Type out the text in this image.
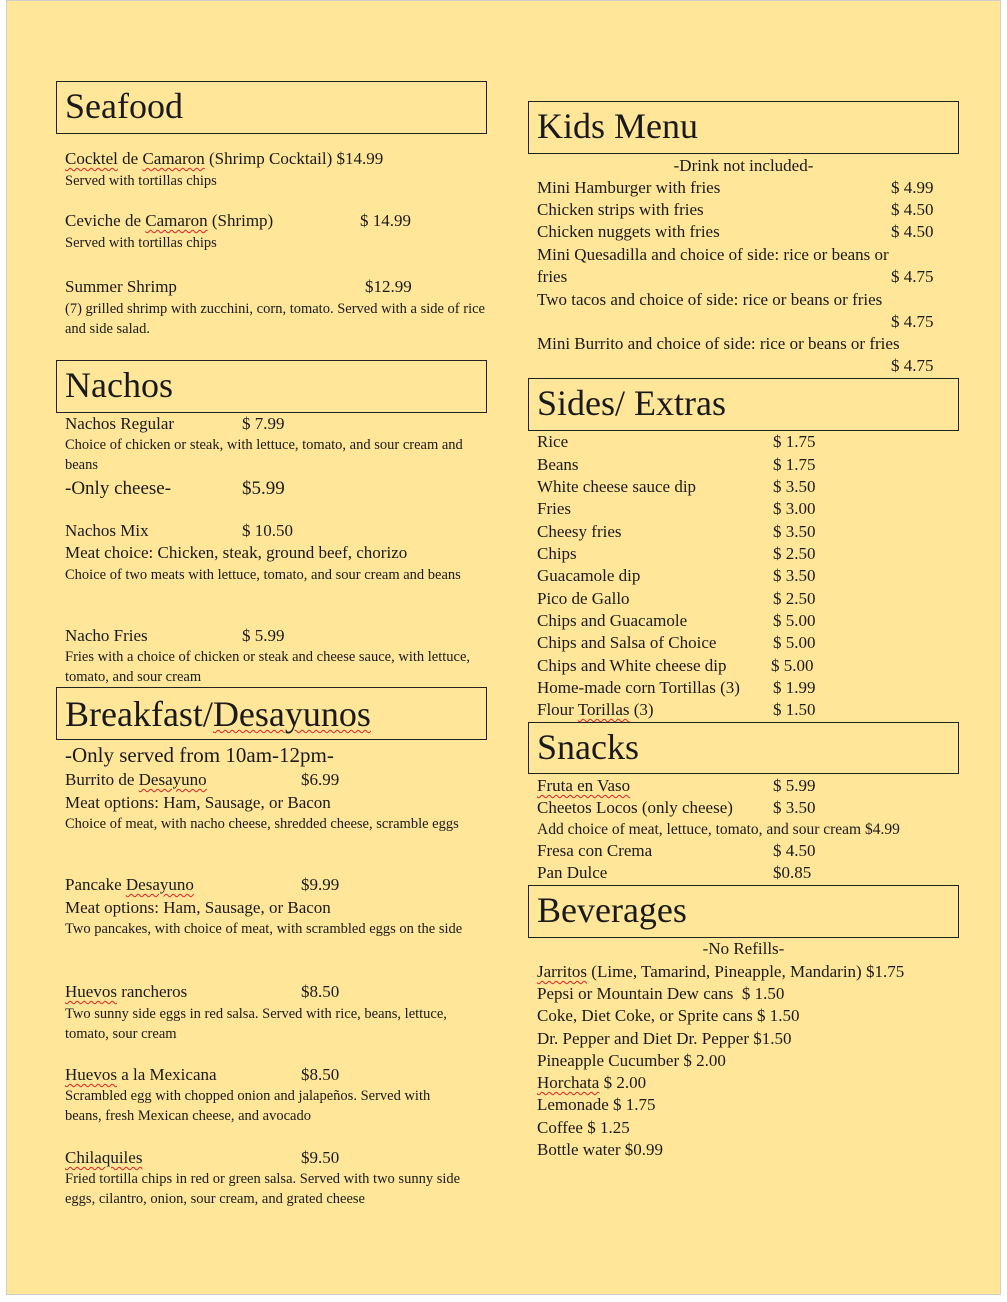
Seafood
Cocktel de Camaron (Shrimp Cocktail) $14.99
Served with tortillas chips
Ceviche de Camaron (Shrimp)	$ 14.99
Served with tortillas chips
Summer Shrimp	$12.99
(7) grilled shrimp with zucchini, corn, tomato. Served with a side of rice and side salad.
Nachos
Nachos Regular	$ 7.99
Choice of chicken or steak, with lettuce, tomato, and sour cream and beans
-Only cheese-	$5.99
Nachos Mix	$ 10.50
Meat choice: Chicken, steak, ground beef, chorizo
Choice of two meats with lettuce, tomato, and sour cream and beans
Nacho Fries	$ 5.99
Fries with a choice of chicken or steak and cheese sauce, with lettuce, tomato, and sour cream
Breakfast/Desayunos
-Only served from 10am-12pm-
Burrito de Desayuno	$6.99
Meat options: Ham, Sausage, or Bacon
Choice of meat, with nacho cheese, shredded cheese, scramble eggs
Pancake Desayuno	$9.99
Meat options: Ham, Sausage, or Bacon
Two pancakes, with choice of meat, with scrambled eggs on the side
Huevos rancheros	$8.50
Two sunny side eggs in red salsa. Served with rice, beans, lettuce, tomato, sour cream
Huevos a la Mexicana	$8.50
Scrambled egg with chopped onion and jalapeños. Served with beans, fresh Mexican cheese, and avocado
Chilaquiles	$9.50
Fried tortilla chips in red or green salsa. Served with two sunny side eggs, cilantro, onion, sour cream, and grated cheese
Kids Menu
-Drink not included-
Mini Hamburger with fries	$ 4.99
Chicken strips with fries	$ 4.50
Chicken nuggets with fries	$ 4.50
Mini Quesadilla and choice of side: rice or beans or
fries	$ 4.75
Two tacos and choice of side: rice or beans or fries
$ 4.75
Mini Burrito and choice of side: rice or beans or fries
$ 4.75
Sides/ Extras
Rice	$ 1.75
Beans	$ 1.75
White cheese sauce dip	$ 3.50
Fries	$ 3.00
Cheesy fries	$ 3.50
Chips	$ 2.50
Guacamole dip	$ 3.50
Pico de Gallo	$ 2.50
Chips and Guacamole	$ 5.00
Chips and Salsa of Choice	$ 5.00
Chips and White cheese dip	$ 5.00
Home-made corn Tortillas (3) $ 1.99
Flour Torillas (3)	$ 1.50
Snacks
Fruta en Vaso	$ 5.99
Cheetos Locos (only cheese) $ 3.50
Add choice of meat, lettuce, tomato, and sour cream $4.99
Fresa con Crema	$ 4.50
Pan Dulce	$0.85
Beverages
-No Refills-
Jarritos (Lime, Tamarind, Pineapple, Mandarin) $1.75
Pepsi or Mountain Dew cans  $ 1.50
Coke, Diet Coke, or Sprite cans $ 1.50
Dr. Pepper and Diet Dr. Pepper $1.50
Pineapple Cucumber $ 2.00
Horchata $ 2.00
Lemonade $ 1.75
Coffee $ 1.25
Bottle water $0.99
